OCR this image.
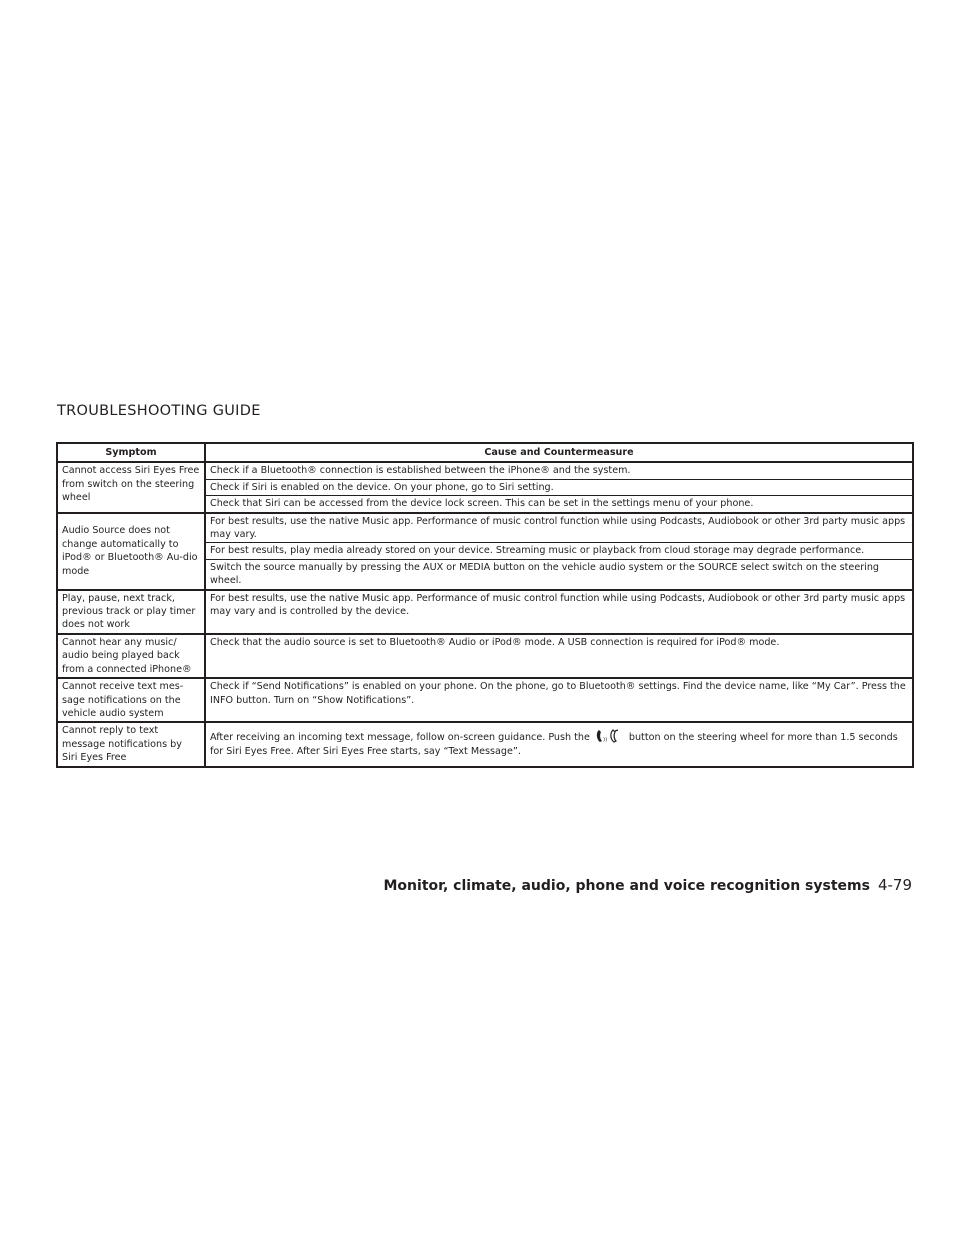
TROUBLESHOOTING GUIDE
Symptom	Cause and Countermeasure
Cannot access Siri Eyes Free from switch on the steering wheel	Check if a Bluetooth® connection is established between the iPhone® and the system.
	Check if Siri is enabled on the device. On your phone, go to Siri setting.
	Check that Siri can be accessed from the device lock screen. This can be set in the settings menu of your phone.
Audio Source does not change automatically to iPod® or Bluetooth® Au-dio mode	For best results, use the native Music app. Performance of music control function while using Podcasts, Audiobook or other 3rd party music apps may vary.
	For best results, play media already stored on your device. Streaming music or playback from cloud storage may degrade performance.
	Switch the source manually by pressing the AUX or MEDIA button on the vehicle audio system or the SOURCE select switch on the steering wheel.
Play, pause, next track, previous track or play timer does not work	For best results, use the native Music app. Performance of music control function while using Podcasts, Audiobook or other 3rd party music apps may vary and is controlled by the device.
Cannot hear any music/ audio being played back from a connected iPhone®	Check that the audio source is set to Bluetooth® Audio or iPod® mode. A USB connection is required for iPod® mode.
Cannot receive text mes-sage notifications on the vehicle audio system	Check if “Send Notifications” is enabled on your phone. On the phone, go to Bluetooth® settings. Find the device name, like “My Car”. Press the INFO button. Turn on “Show Notifications”.
Cannot reply to text message notifications by Siri Eyes Free	After receiving an incoming text message, follow on-screen guidance. Push the )) button on the steering wheel for more than 1.5 seconds for Siri Eyes Free. After Siri Eyes Free starts, say “Text Message”.
Monitor, climate, audio, phone and voice recognition systems 4-79
